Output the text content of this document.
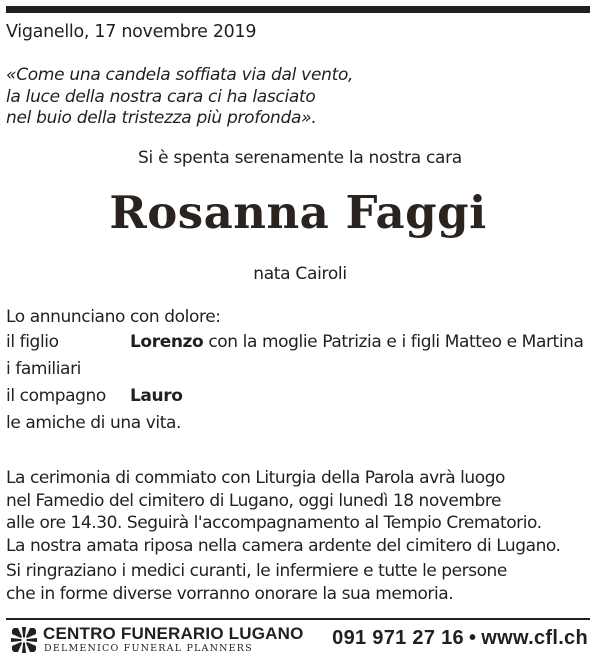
Viganello, 17 novembre 2019
«Come una candela soffiata via dal vento,
la luce della nostra cara ci ha lasciato
nel buio della tristezza più profonda».
Si è spenta serenamente la nostra cara
Rosanna Faggi
nata Cairoli
Lo annunciano con dolore:
il figlio	Lorenzo con la moglie Patrizia e i figli Matteo e Martina
i familiari
il compagno	Lauro
le amiche di una vita.
La cerimonia di commiato con Liturgia della Parola avrà luogo
nel Famedio del cimitero di Lugano, oggi lunedì 18 novembre
alle ore 14.30. Seguirà l'accompagnamento al Tempio Crematorio.
La nostra amata riposa nella camera ardente del cimitero di Lugano.
Si ringraziano i medici curanti, le infermiere e tutte le persone
che in forme diverse vorranno onorare la sua memoria.
CENTRO FUNERARIO LUGANO
DELMENICO FUNERAL PLANNERS	091 971 27 16 • www.cfl.ch
